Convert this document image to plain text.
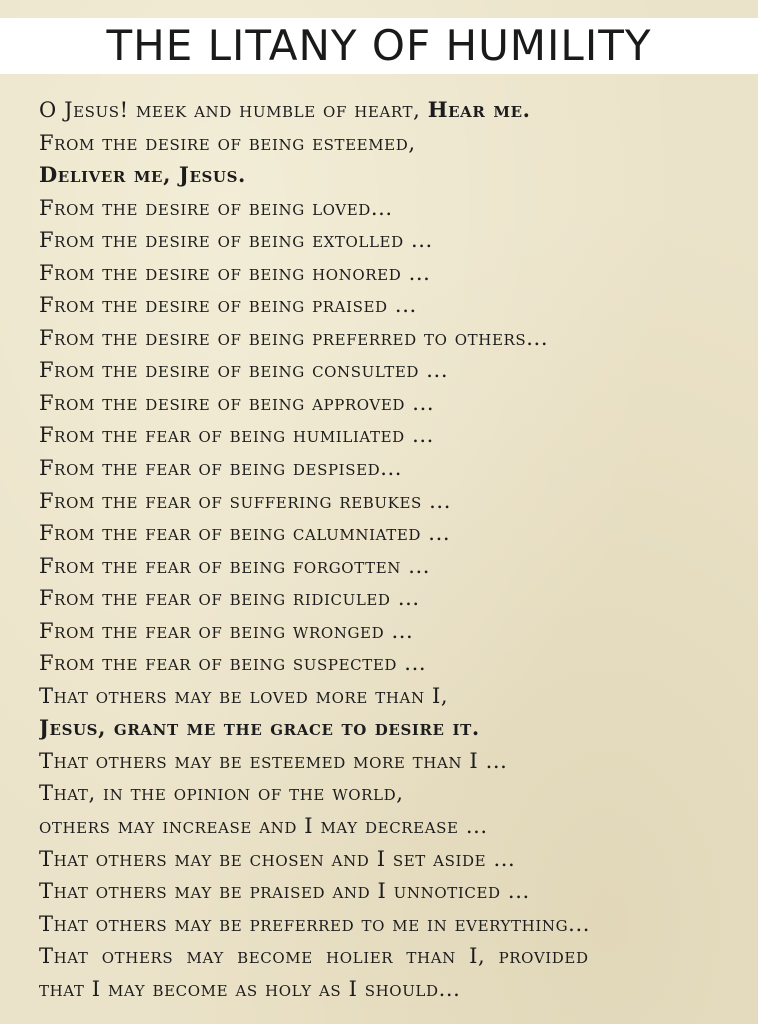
THE LITANY OF HUMILITY
O Jesus! meek and humble of heart, Hear me.
From the desire of being esteemed,
Deliver me, Jesus.
From the desire of being loved...
From the desire of being extolled ...
From the desire of being honored ...
From the desire of being praised ...
From the desire of being preferred to others...
From the desire of being consulted ...
From the desire of being approved ...
From the fear of being humiliated ...
From the fear of being despised...
From the fear of suffering rebukes ...
From the fear of being calumniated ...
From the fear of being forgotten ...
From the fear of being ridiculed ...
From the fear of being wronged ...
From the fear of being suspected ...
That others may be loved more than I,
Jesus, grant me the grace to desire it.
That others may be esteemed more than I ...
That, in the opinion of the world,
others may increase and I may decrease ...
That others may be chosen and I set aside ...
That others may be praised and I unnoticed ...
That others may be preferred to me in everything...
That others may become holier than I, provided
that I may become as holy as I should...
